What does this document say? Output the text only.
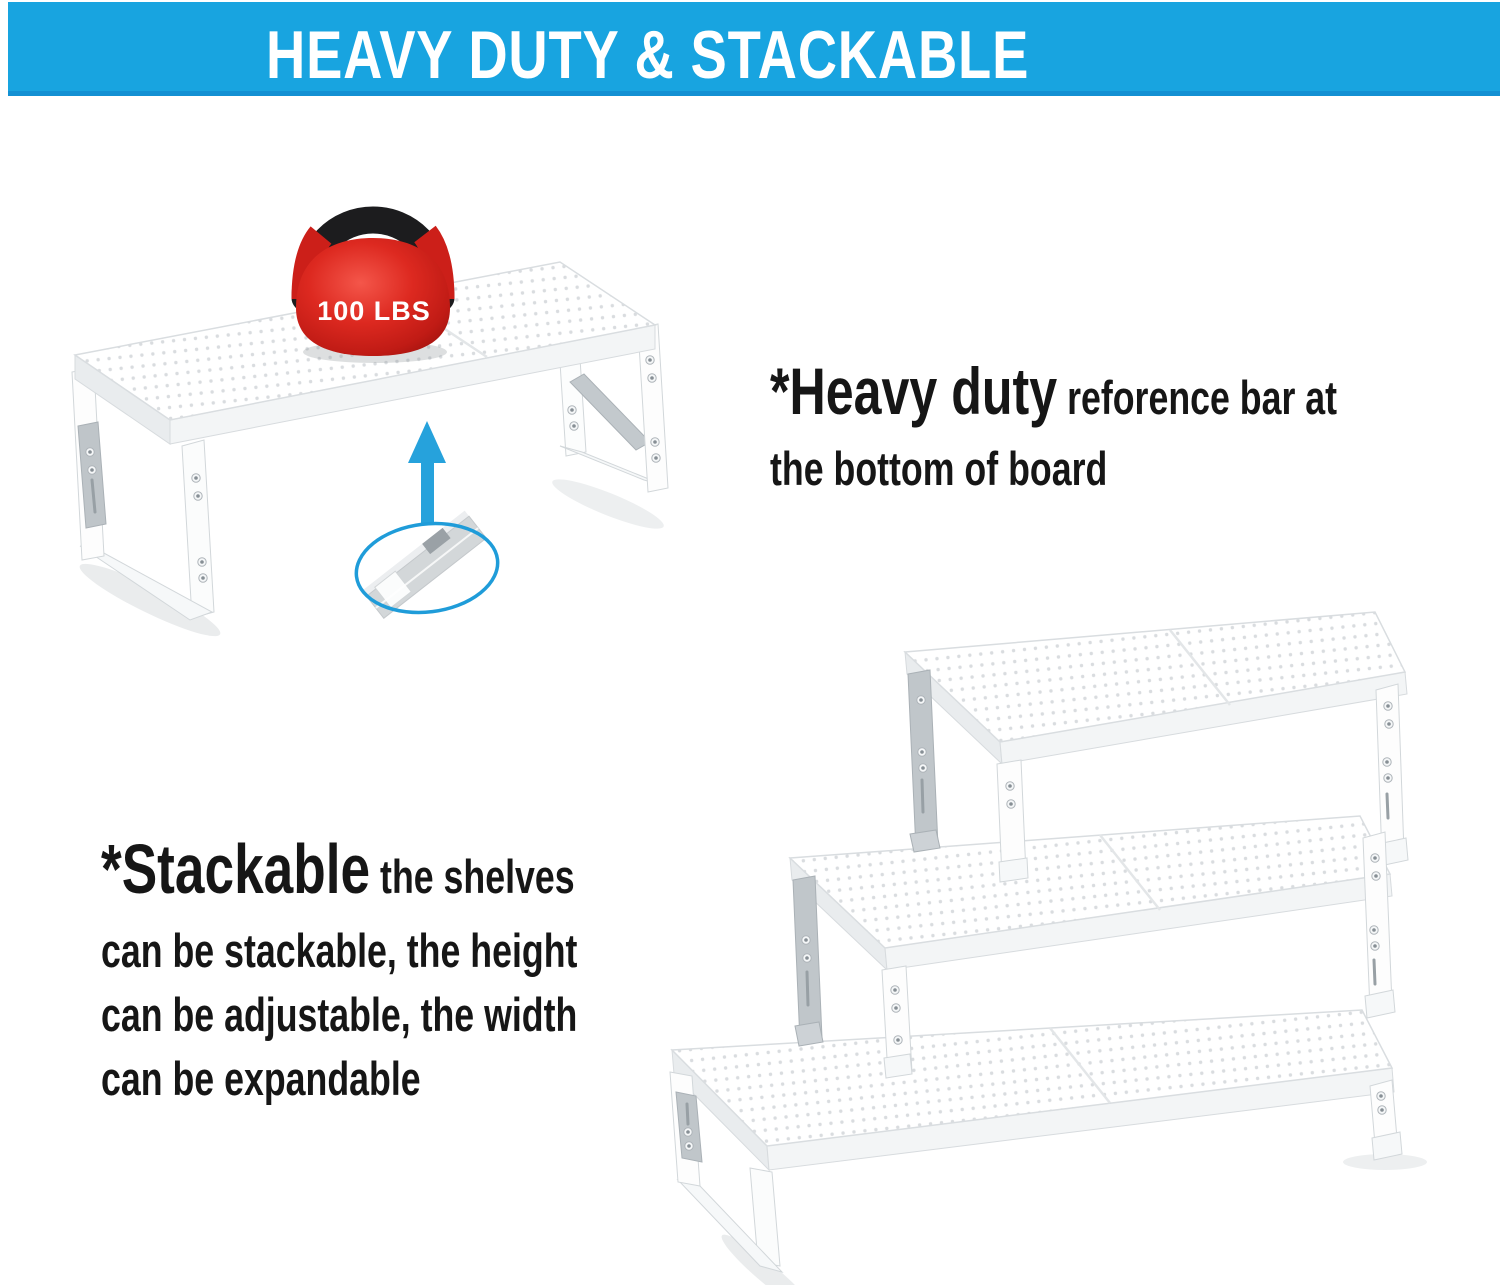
HEAVY DUTY & STACKABLE
100 LBS
*Heavy duty reforence bar at
the bottom of board
*Stackable the shelves
can be stackable, the height
can be adjustable, the width
can be expandable
